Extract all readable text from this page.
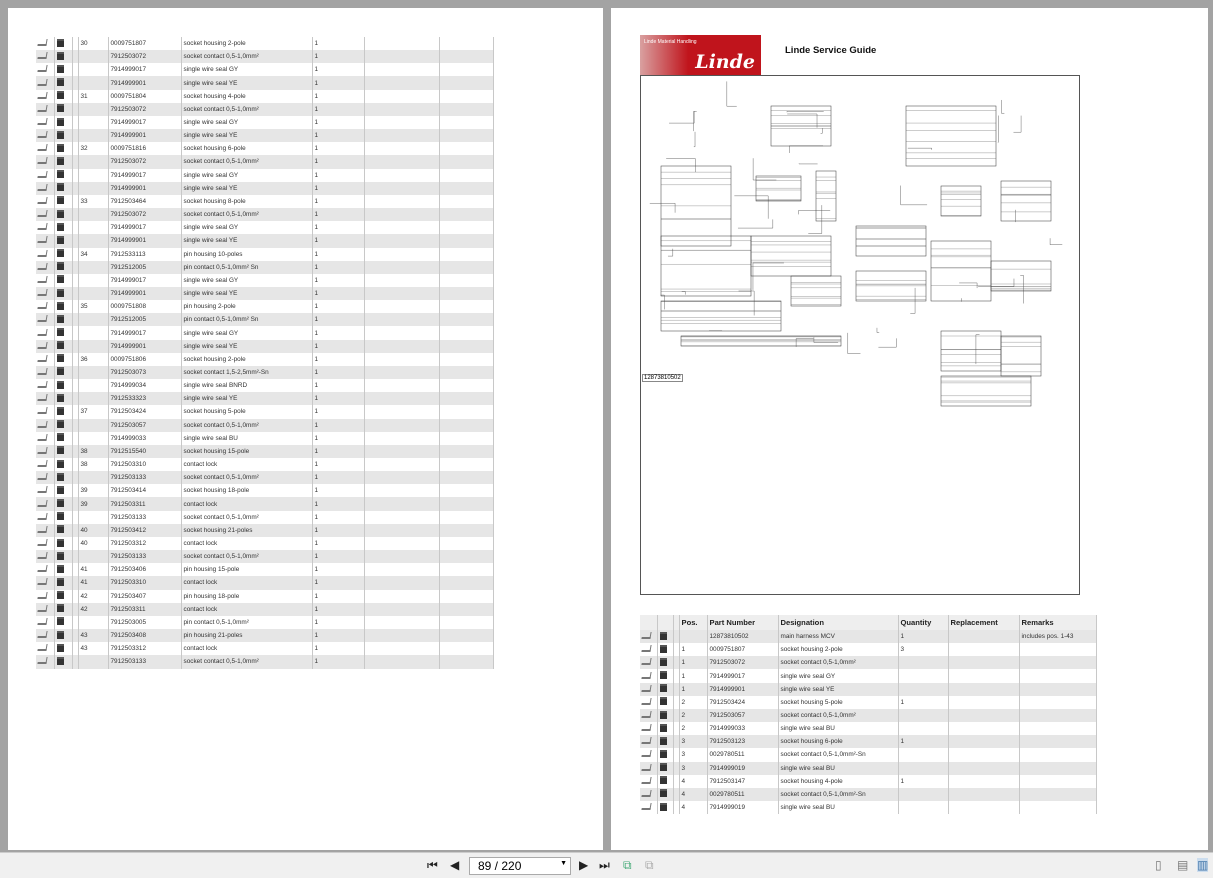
			30	0009751807	socket housing 2-pole	1		
				7912503072	socket contact 0,5-1,0mm²	1		
				7914999017	single wire seal GY	1		
				7914999901	single wire seal YE	1		
			31	0009751804	socket housing 4-pole	1		
				7912503072	socket contact 0,5-1,0mm²	1		
				7914999017	single wire seal GY	1		
				7914999901	single wire seal YE	1		
			32	0009751816	socket housing 6-pole	1		
				7912503072	socket contact 0,5-1,0mm²	1		
				7914999017	single wire seal GY	1		
				7914999901	single wire seal YE	1		
			33	7912503464	socket housing 8-pole	1		
				7912503072	socket contact 0,5-1,0mm²	1		
				7914999017	single wire seal GY	1		
				7914999901	single wire seal YE	1		
			34	7912533113	pin housing 10-poles	1		
				7912512005	pin contact 0,5-1,0mm² Sn	1		
				7914999017	single wire seal GY	1		
				7914999901	single wire seal YE	1		
			35	0009751808	pin housing 2-pole	1		
				7912512005	pin contact 0,5-1,0mm² Sn	1		
				7914999017	single wire seal GY	1		
				7914999901	single wire seal YE	1		
			36	0009751806	socket housing 2-pole	1		
				7912503073	socket contact 1,5-2,5mm²-Sn	1		
				7914999034	single wire seal BNRD	1		
				7912533323	single wire seal YE	1		
			37	7912503424	socket housing 5-pole	1		
				7912503057	socket contact 0,5-1,0mm²	1		
				7914999033	single wire seal BU	1		
			38	7912515540	socket housing 15-pole	1		
			38	7912503310	contact lock	1		
				7912503133	socket contact 0,5-1,0mm²	1		
			39	7912503414	socket housing 18-pole	1		
			39	7912503311	contact lock	1		
				7912503133	socket contact 0,5-1,0mm²	1		
			40	7912503412	socket housing 21-poles	1		
			40	7912503312	contact lock	1		
				7912503133	socket contact 0,5-1,0mm²	1		
			41	7912503406	pin housing 15-pole	1		
			41	7912503310	contact lock	1		
			42	7912503407	pin housing 18-pole	1		
			42	7912503311	contact lock	1		
				7912503005	pin contact 0,5-1,0mm²	1		
			43	7912503408	pin housing 21-poles	1		
			43	7912503312	contact lock	1		
				7912503133	socket contact 0,5-1,0mm²	1		
Linde Material Handling
Linde
Linde Service Guide
12873810502
			Pos.	Part Number	Designation	Quantity	Replacement	Remarks
				12873810502	main harness MCV	1		includes pos. 1-43
			1	0009751807	socket housing 2-pole	3		
			1	7912503072	socket contact 0,5-1,0mm²			
			1	7914999017	single wire seal GY			
			1	7914999901	single wire seal YE			
			2	7912503424	socket housing 5-pole	1		
			2	7912503057	socket contact 0,5-1,0mm²			
			2	7914999033	single wire seal BU			
			3	7912503123	socket housing 6-pole	1		
			3	0029780511	socket contact 0,5-1,0mm²-Sn			
			3	7914999019	single wire seal BU			
			4	7912503147	socket housing 4-pole	1		
			4	0029780511	socket contact 0,5-1,0mm²-Sn			
			4	7914999019	single wire seal BU			
⏮ ◀	89 / 220	▼ ▶ ⏭ ⧉ ⧉	▯ ▤ ▥
